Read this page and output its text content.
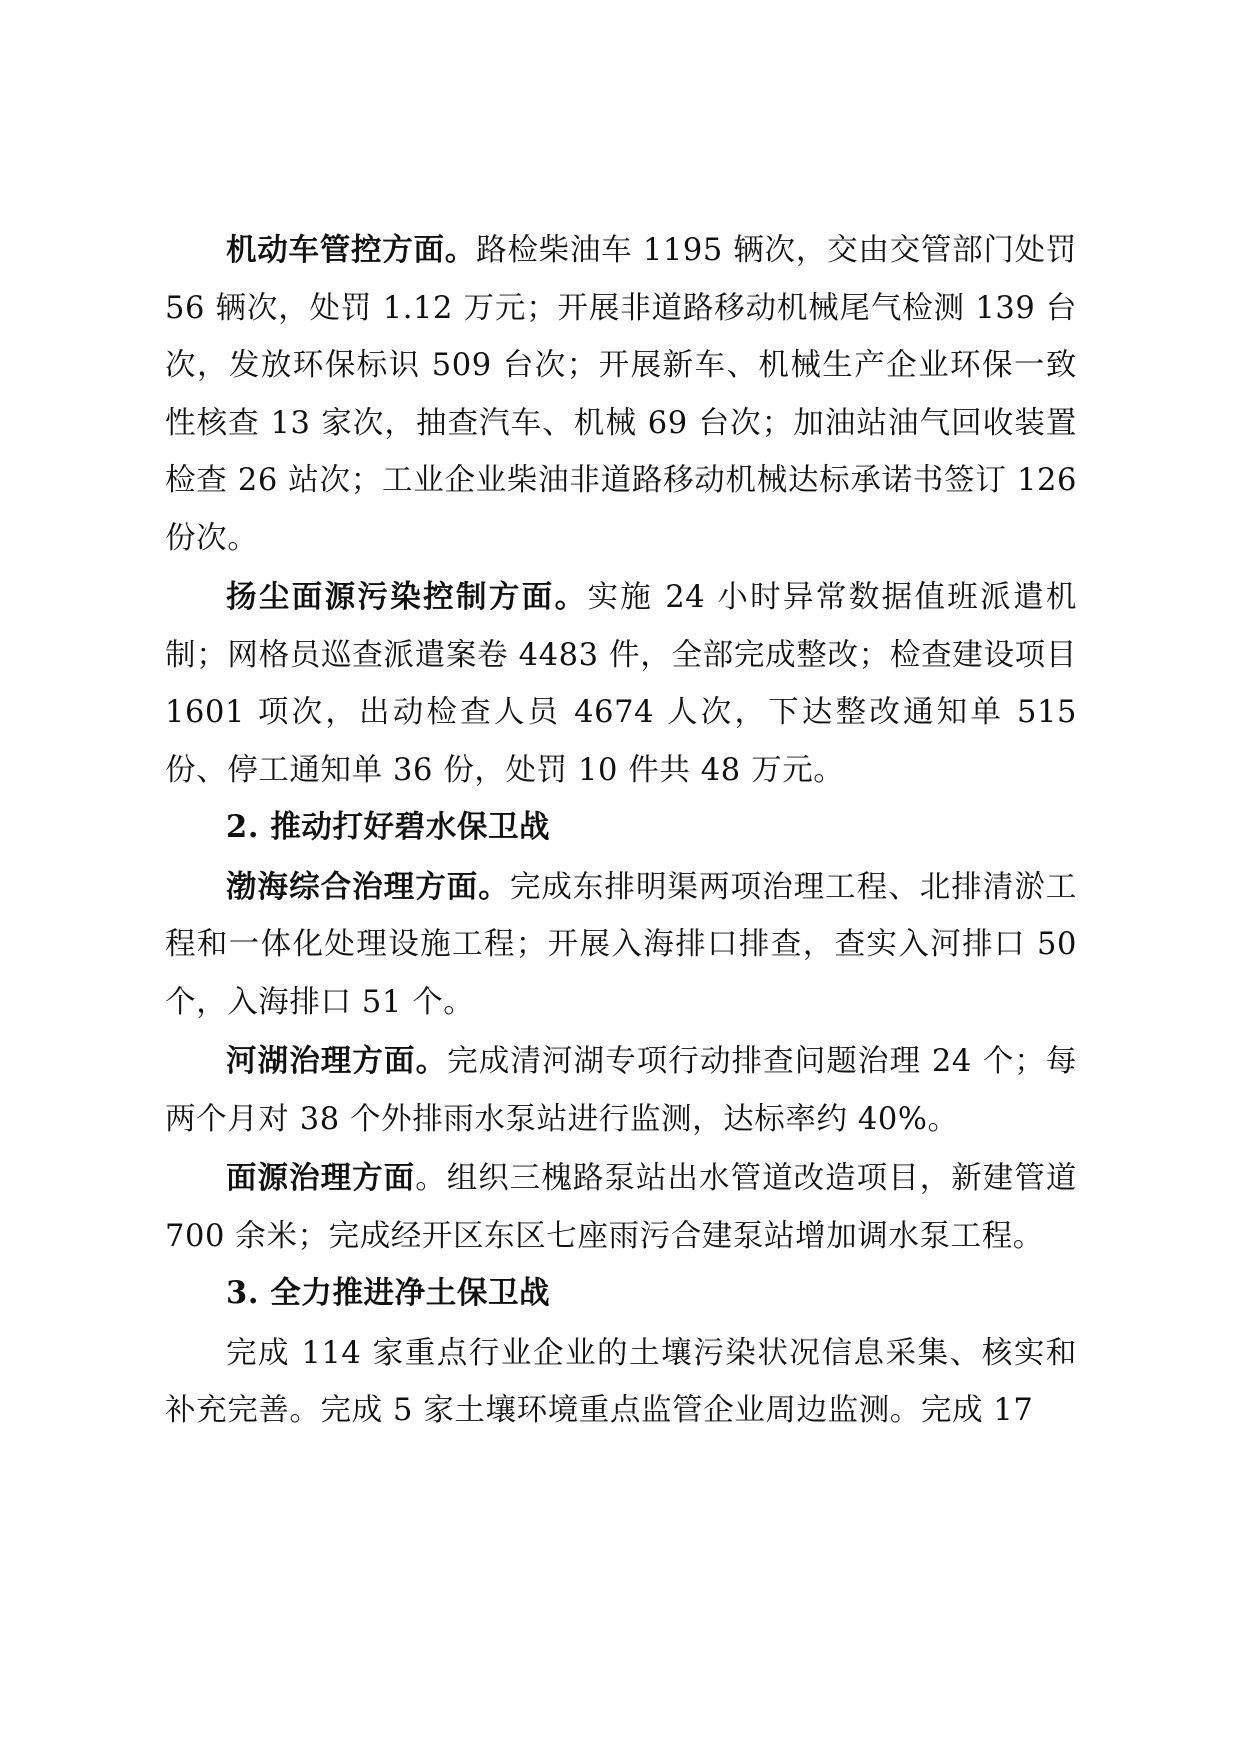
机动车管控方面。路检柴油车 1195 辆次，交由交管部门处罚 56 辆次，处罚 1.12 万元；开展非道路移动机械尾气检测 139 台次，发放环保标识 509 台次；开展新车、机械生产企业环保一致性核查 13 家次，抽查汽车、机械 69 台次；加油站油气回收装置检查 26 站次；工业企业柴油非道路移动机械达标承诺书签订 126 份次。

扬尘面源污染控制方面。实施 24 小时异常数据值班派遣机制；网格员巡查派遣案卷 4483 件，全部完成整改；检查建设项目 1601 项次，出动检查人员 4674 人次，下达整改通知单 515 份、停工通知单 36 份，处罚 10 件共 48 万元。

2. 推动打好碧水保卫战

渤海综合治理方面。完成东排明渠两项治理工程、北排清淤工程和一体化处理设施工程；开展入海排口排查，查实入河排口 50 个，入海排口 51 个。

河湖治理方面。完成清河湖专项行动排查问题治理 24 个；每两个月对 38 个外排雨水泵站进行监测，达标率约 40%。

面源治理方面。组织三槐路泵站出水管道改造项目，新建管道 700 余米；完成经开区东区七座雨污合建泵站增加调水泵工程。

3. 全力推进净土保卫战

完成 114 家重点行业企业的土壤污染状况信息采集、核实和补充完善。完成 5 家土壤环境重点监管企业周边监测。完成 17
